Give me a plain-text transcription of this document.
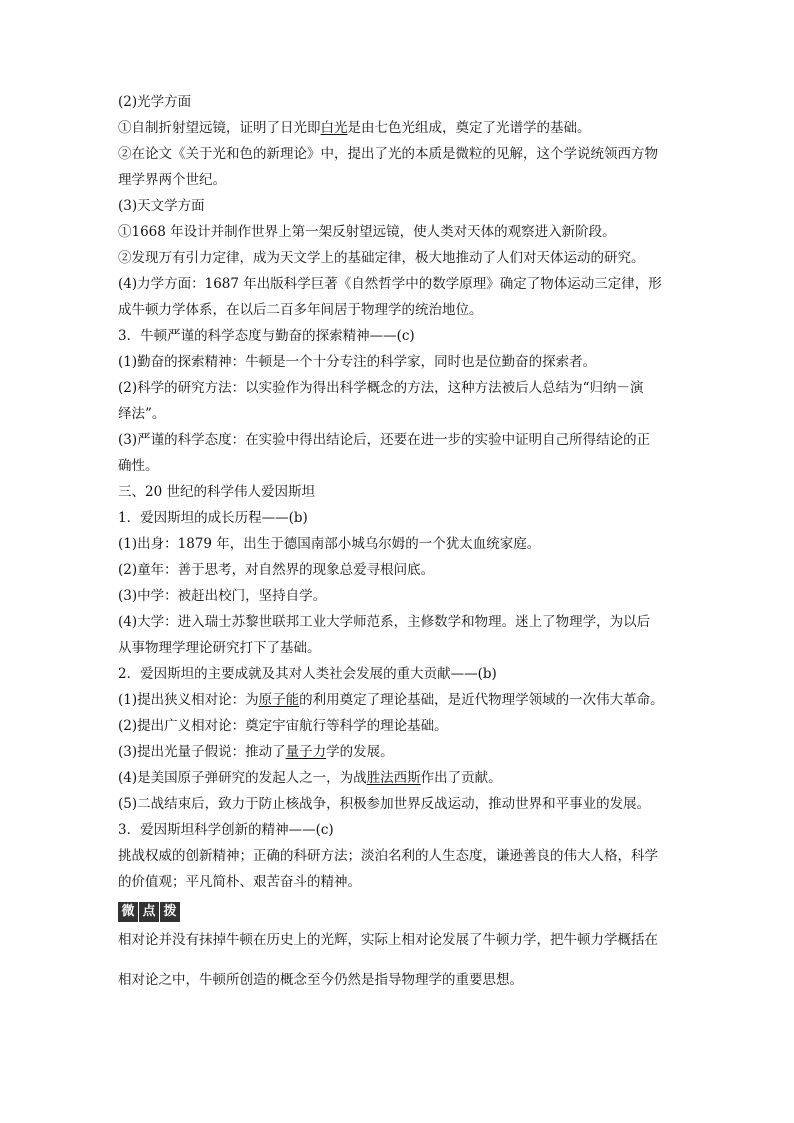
(2)光学方面
①自制折射望远镜，证明了日光即白光是由七色光组成，奠定了光谱学的基础。
②在论文《关于光和色的新理论》中，提出了光的本质是微粒的见解，这个学说统领西方物
理学界两个世纪。
(3)天文学方面
①1668 年设计并制作世界上第一架反射望远镜，使人类对天体的观察进入新阶段。
②发现万有引力定律，成为天文学上的基础定律，极大地推动了人们对天体运动的研究。
(4)力学方面：1687 年出版科学巨著《自然哲学中的数学原理》确定了物体运动三定律，形
成牛顿力学体系，在以后二百多年间居于物理学的统治地位。
3．牛顿严谨的科学态度与勤奋的探索精神——(c)
(1)勤奋的探索精神：牛顿是一个十分专注的科学家，同时也是位勤奋的探索者。
(2)科学的研究方法：以实验作为得出科学概念的方法，这种方法被后人总结为“归纳－演
绎法”。
(3)严谨的科学态度：在实验中得出结论后，还要在进一步的实验中证明自己所得结论的正
确性。
三、20 世纪的科学伟人爱因斯坦
1．爱因斯坦的成长历程——(b)
(1)出身：1879 年，出生于德国南部小城乌尔姆的一个犹太血统家庭。
(2)童年：善于思考，对自然界的现象总爱寻根问底。
(3)中学：被赶出校门，坚持自学。
(4)大学：进入瑞士苏黎世联邦工业大学师范系，主修数学和物理。迷上了物理学，为以后
从事物理学理论研究打下了基础。
2．爱因斯坦的主要成就及其对人类社会发展的重大贡献——(b)
(1)提出狭义相对论：为原子能的利用奠定了理论基础，是近代物理学领域的一次伟大革命。
(2)提出广义相对论：奠定宇宙航行等科学的理论基础。
(3)提出光量子假说：推动了量子力学的发展。
(4)是美国原子弹研究的发起人之一，为战胜法西斯作出了贡献。
(5)二战结束后，致力于防止核战争，积极参加世界反战运动，推动世界和平事业的发展。
3．爱因斯坦科学创新的精神——(c)
挑战权威的创新精神；正确的科研方法；淡泊名利的人生态度，谦逊善良的伟大人格，科学
的价值观；平凡简朴、艰苦奋斗的精神。
微 点 拨
相对论并没有抹掉牛顿在历史上的光辉，实际上相对论发展了牛顿力学，把牛顿力学概括在
相对论之中，牛顿所创造的概念至今仍然是指导物理学的重要思想。
